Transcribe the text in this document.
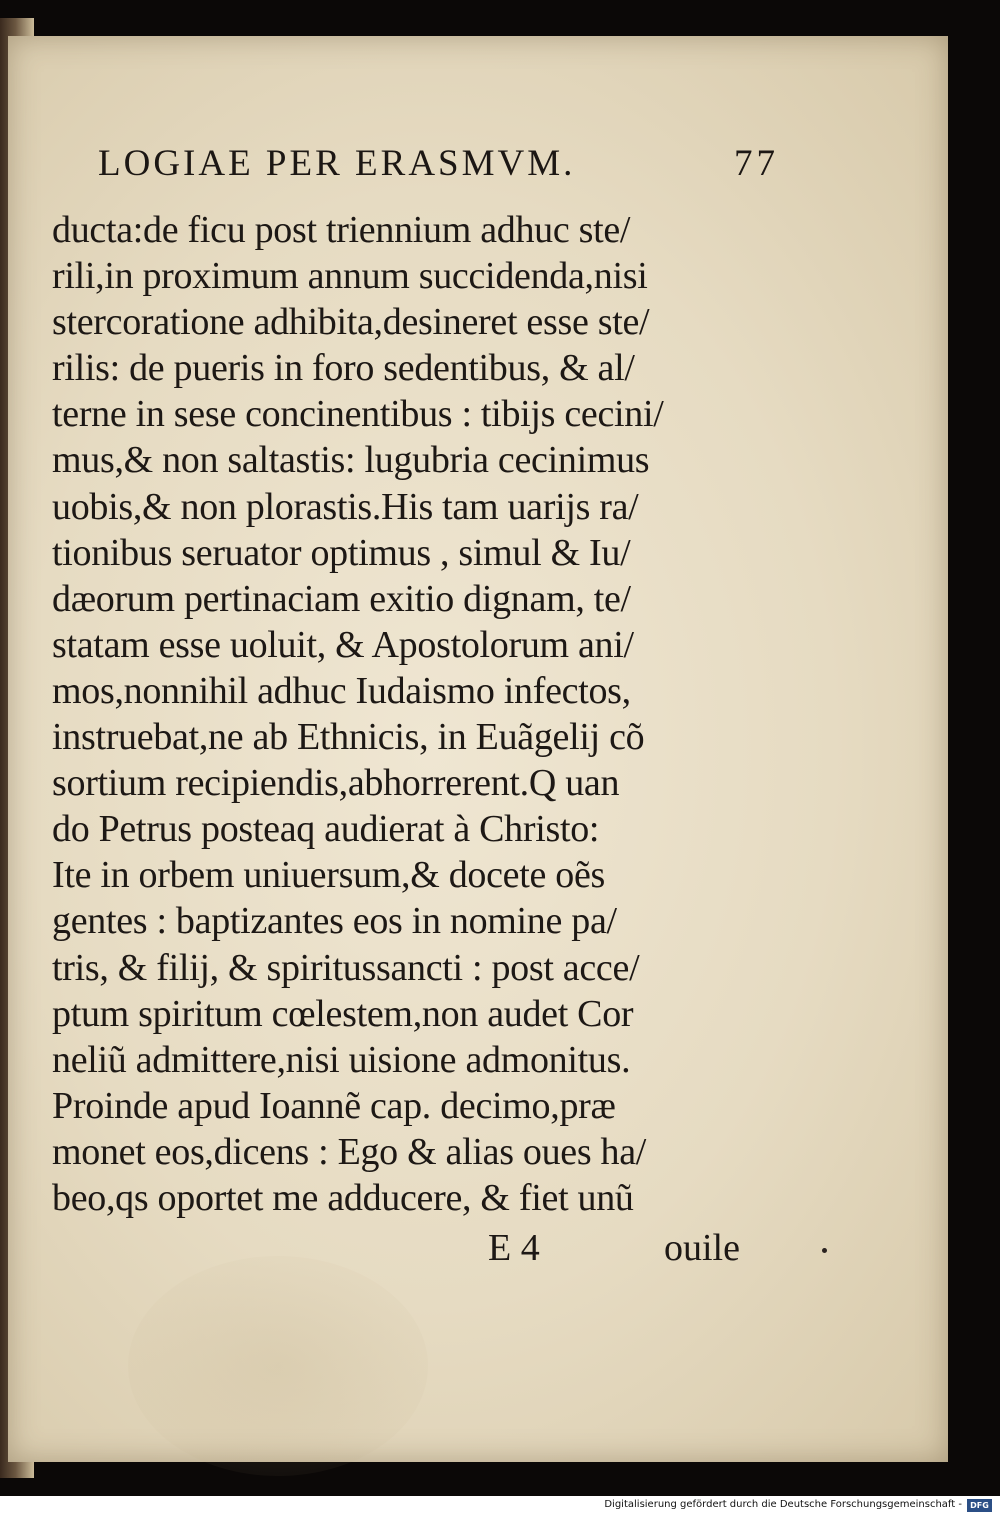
LOGIAE PER ERASMVM.

	77

ducta:de ficu post triennium adhuc ste/
rili,in proximum annum succidenda,nisi
stercoratione adhibita,desineret esse ste/
rilis: de pueris in foro sedentibus, & al/
terne in sese concinentibus : tibijs cecini/
mus,& non saltastis: lugubria cecinimus
uobis,& non plorastis.His tam uarijs ra/
tionibus seruator optimus , simul & Iu/
dæorum pertinaciam exitio dignam, te/
statam esse uoluit, & Apostolorum ani/
mos,nonnihil adhuc Iudaismo infectos,
instruebat,ne ab Ethnicis, in Euãgelij cõ
sortium recipiendis,abhorrerent.Q uan
do Petrus posteaq audierat à Christo:
Ite in orbem uniuersum,& docete oẽs
gentes : baptizantes eos in nomine pa/
tris, & filij, & spiritussancti : post acce/
ptum spiritum cœlestem,non audet Cor
neliũ admittere,nisi uisione admonitus.
Proinde apud Ioannẽ cap. decimo,præ
monet eos,dicens : Ego & alias oues ha/
beo,qs oportet me adducere, & fiet unũ
E 4	ouile
Digitalisierung gefördert durch die Deutsche Forschungsgemeinschaft -	DFG
